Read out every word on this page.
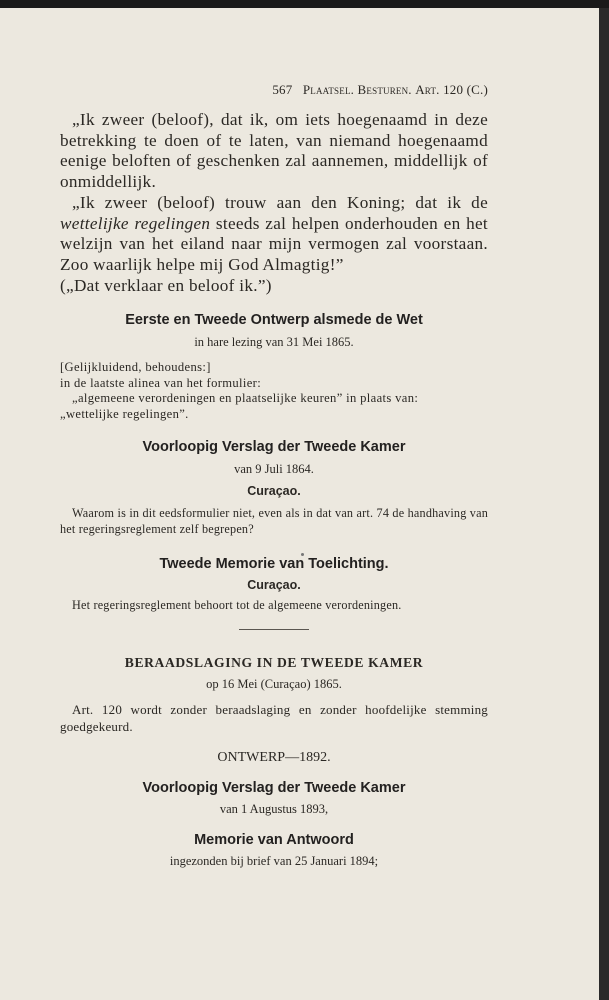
567 Plaatsel. Besturen. Art. 120 (C.)

„Ik zweer (beloof), dat ik, om iets hoegenaamd in deze betrekking te doen of te laten, van niemand hoegenaamd eenige beloften of geschenken zal aannemen, middellijk of onmiddellijk.

„Ik zweer (beloof) trouw aan den Koning; dat ik de wettelijke regelingen steeds zal helpen onderhouden en het welzijn van het eiland naar mijn vermogen zal voorstaan. Zoo waarlijk helpe mij God Almagtig!”

(„Dat verklaar en beloof ik.”)

Eerste en Tweede Ontwerp alsmede de Wet

in hare lezing van 31 Mei 1865.

[Gelijkluidend, behoudens:]

in de laatste alinea van het formulier:

„algemeene verordeningen en plaatselijke keuren” in plaats van:

„wettelijke regelingen”.

Voorloopig Verslag der Tweede Kamer

van 9 Juli 1864.

Curaçao.

Waarom is in dit eedsformulier niet, even als in dat van art. 74 de handhaving van het regeringsreglement zelf begrepen?

Tweede Memorie van Toelichting.

Curaçao.

Het regeringsreglement behoort tot de algemeene verordeningen.

BERAADSLAGING IN DE TWEEDE KAMER

op 16 Mei (Curaçao) 1865.

Art. 120 wordt zonder beraadslaging en zonder hoofdelijke stemming goedgekeurd.

ONTWERP—1892.

Voorloopig Verslag der Tweede Kamer

van 1 Augustus 1893,

Memorie van Antwoord

ingezonden bij brief van 25 Januari 1894;
